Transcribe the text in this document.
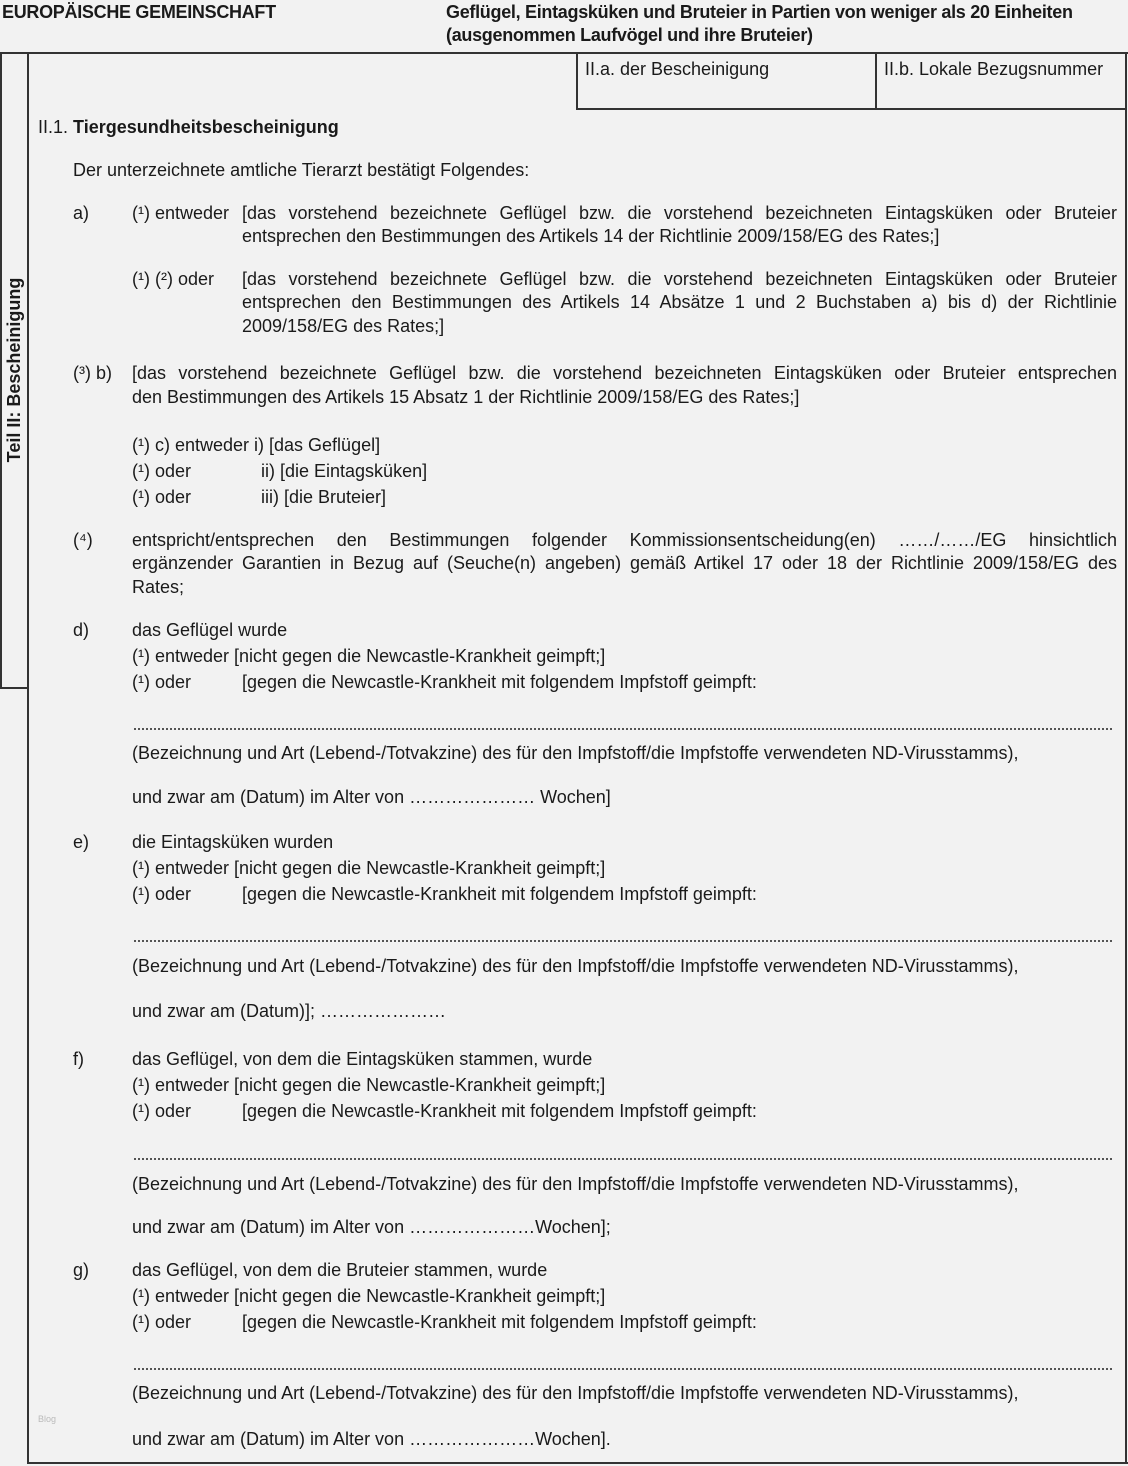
EUROPÄISCHE GEMEINSCHAFT	Geflügel, Eintagsküken und Bruteier in Partien von weniger als 20 Einheiten
(ausgenommen Laufvögel und ihre Bruteier)
Teil II: Bescheinigung
II.a. der Bescheinigung	II.b. Lokale Bezugsnummer
II.1. Tiergesundheitsbescheinigung
Der unterzeichnete amtliche Tierarzt bestätigt Folgendes:
a) (¹) entweder [das vorstehend bezeichnete Geflügel bzw. die vorstehend bezeichneten Eintagsküken oder Bruteier
entsprechen den Bestimmungen des Artikels 14 der Richtlinie 2009/158/EG des Rates;]
(¹) (²) oder [das vorstehend bezeichnete Geflügel bzw. die vorstehend bezeichneten Eintagsküken oder Bruteier
entsprechen den Bestimmungen des Artikels 14 Absätze 1 und 2 Buchstaben a) bis d) der Richtlinie
2009/158/EG des Rates;]
(³) b) [das vorstehend bezeichnete Geflügel bzw. die vorstehend bezeichneten Eintagsküken oder Bruteier entsprechen
den Bestimmungen des Artikels 15 Absatz 1 der Richtlinie 2009/158/EG des Rates;]
(¹) c) entweder i) [das Geflügel]
(¹) oder	ii) [die Eintagsküken]
(¹) oder	iii) [die Bruteier]
(⁴) entspricht/entsprechen den Bestimmungen folgender Kommissionsentscheidung(en) ……/……/EG hinsichtlich
ergänzender Garantien in Bezug auf (Seuche(n) angeben) gemäß Artikel 17 oder 18 der Richtlinie 2009/158/EG des
Rates;
d) das Geflügel wurde
(¹) entweder [nicht gegen die Newcastle-Krankheit geimpft;]
(¹) oder	[gegen die Newcastle-Krankheit mit folgendem Impfstoff geimpft:
(Bezeichnung und Art (Lebend-/Totvakzine) des für den Impfstoff/die Impfstoffe verwendeten ND-Virusstamms),
und zwar am (Datum) im Alter von ………………… Wochen]
e) die Eintagsküken wurden
(¹) entweder [nicht gegen die Newcastle-Krankheit geimpft;]
(¹) oder	[gegen die Newcastle-Krankheit mit folgendem Impfstoff geimpft:
(Bezeichnung und Art (Lebend-/Totvakzine) des für den Impfstoff/die Impfstoffe verwendeten ND-Virusstamms),
und zwar am (Datum)]; …………………
f)	das Geflügel, von dem die Eintagsküken stammen, wurde
(¹) entweder [nicht gegen die Newcastle-Krankheit geimpft;]
(¹) oder	[gegen die Newcastle-Krankheit mit folgendem Impfstoff geimpft:
(Bezeichnung und Art (Lebend-/Totvakzine) des für den Impfstoff/die Impfstoffe verwendeten ND-Virusstamms),
und zwar am (Datum) im Alter von …………………Wochen];
g) das Geflügel, von dem die Bruteier stammen, wurde
(¹) entweder [nicht gegen die Newcastle-Krankheit geimpft;]
(¹) oder	[gegen die Newcastle-Krankheit mit folgendem Impfstoff geimpft:
(Bezeichnung und Art (Lebend-/Totvakzine) des für den Impfstoff/die Impfstoffe verwendeten ND-Virusstamms),
und zwar am (Datum) im Alter von …………………Wochen].
Blog
